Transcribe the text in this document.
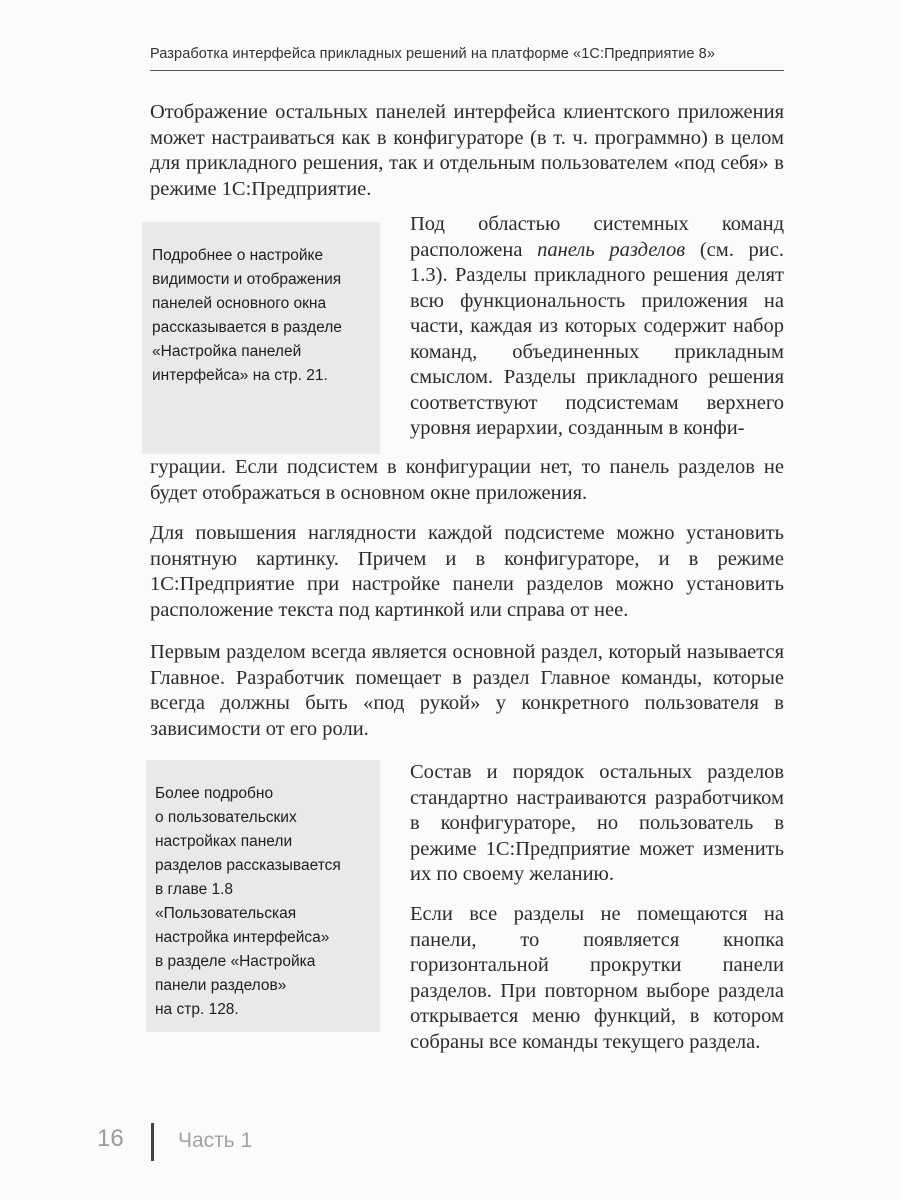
Разработка интерфейса прикладных решений на платформе «1С:Предприятие 8»

Отображение остальных панелей интерфейса клиентского приложения может настраиваться как в конфигураторе (в т. ч. программно) в целом для прикладного решения, так и отдельным пользователем «под себя» в режиме 1С:Предприятие.

Подробнее о настройке
видимости и отображения
панелей основного окна
рассказывается в разделе
«Настройка панелей
интерфейса» на стр. 21.

Под областью системных команд расположена панель разделов (см. рис. 1.3). Разделы прикладного решения делят всю функциональность приложения на части, каждая из которых содержит набор команд, объединенных прикладным смыслом. Разделы прикладного решения соответствуют подсистемам верхнего уровня иерархии, созданным в конфи-

гурации. Если подсистем в конфигурации нет, то панель разделов не будет отображаться в основном окне приложения.

Для повышения наглядности каждой подсистеме можно установить понятную картинку. Причем и в конфигураторе, и в режиме 1С:Предприятие при настройке панели разделов можно установить расположение текста под картинкой или справа от нее.

Первым разделом всегда является основной раздел, который называется Главное. Разработчик помещает в раздел Главное команды, которые всегда должны быть «под рукой» у конкретного пользователя в зависимости от его роли.

Более подробно
о пользовательских
настройках панели
разделов рассказывается
в главе 1.8
«Пользовательская
настройка интерфейса»
в разделе «Настройка
панели разделов»
на стр. 128.

Состав и порядок остальных разделов стандартно настраиваются разработчиком в конфигураторе, но пользователь в режиме 1С:Предприятие может изменить их по своему желанию.

Если все разделы не помещаются на панели, то появляется кнопка горизонтальной прокрутки панели разделов. При повторном выборе раздела открывается меню функций, в котором собраны все команды текущего раздела.

16	Часть 1
